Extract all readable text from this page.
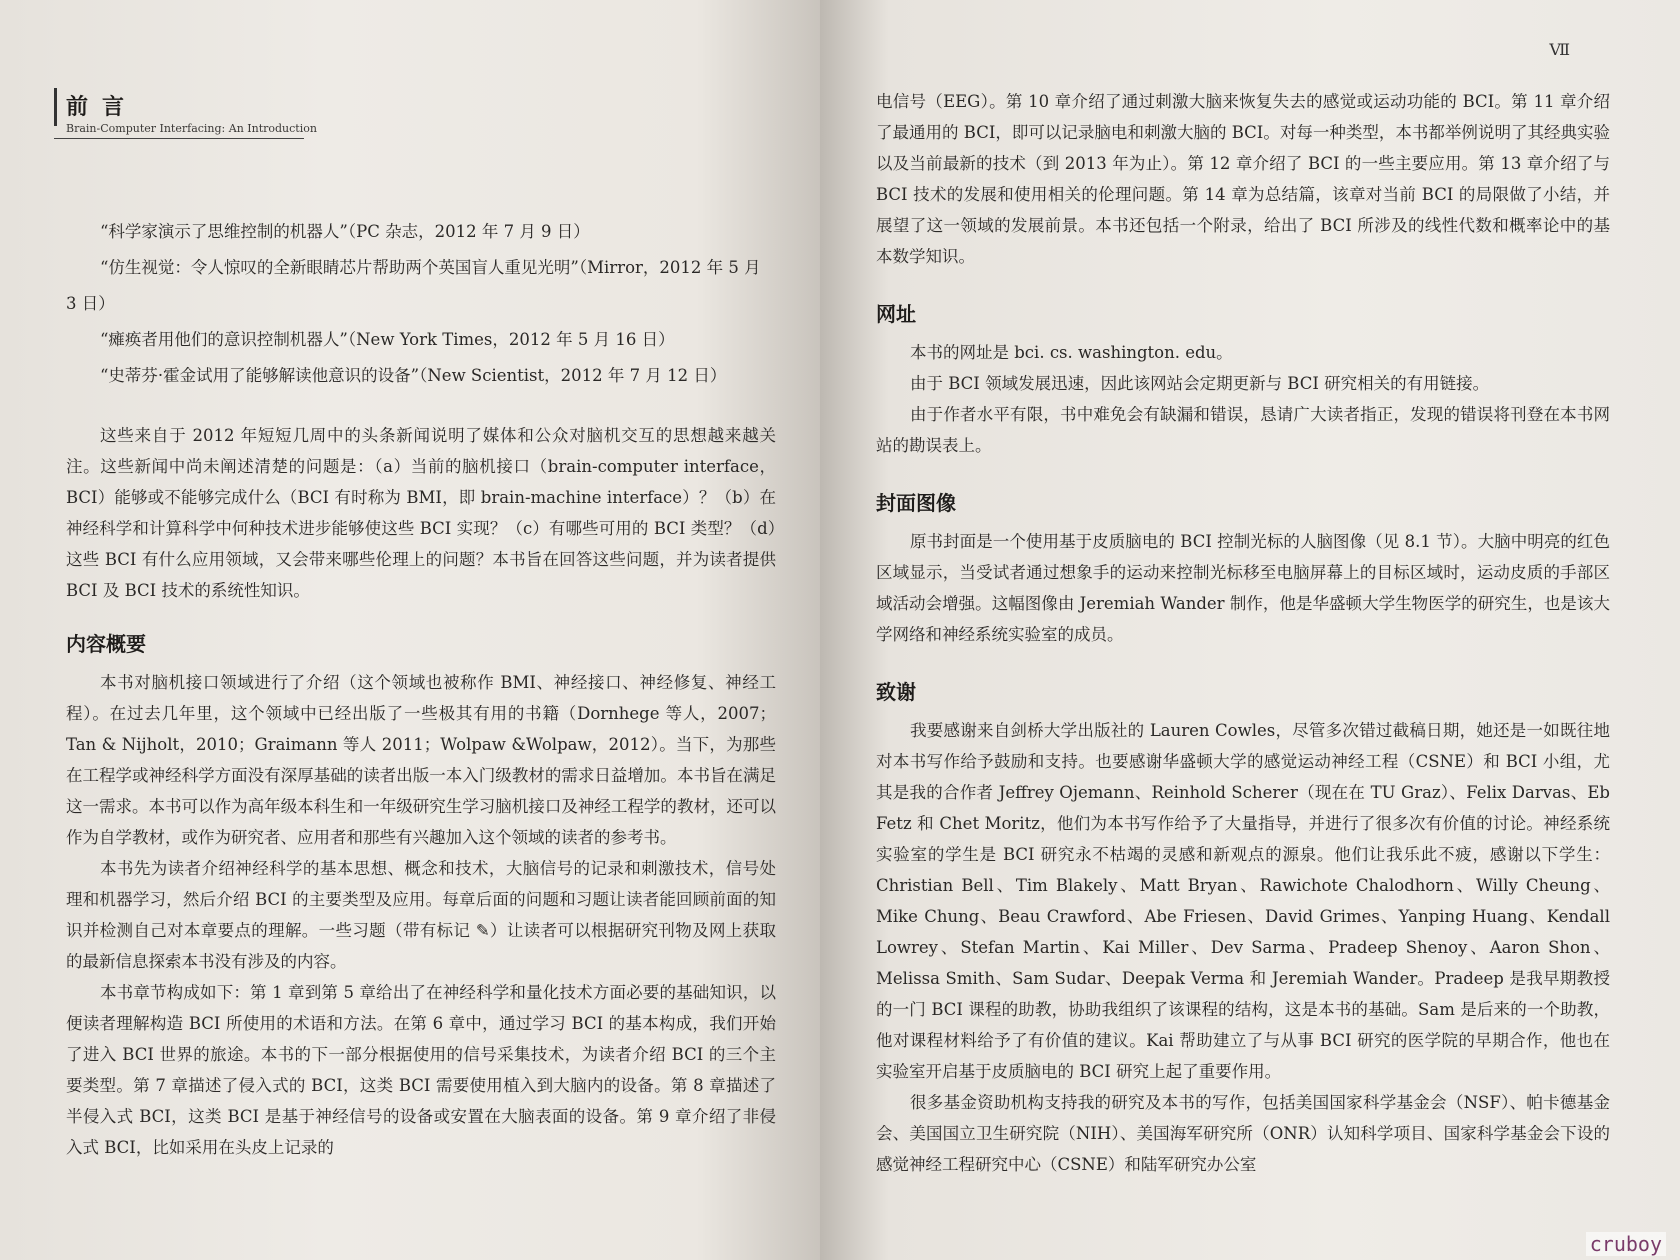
前言
Brain-Computer Interfacing: An Introduction

“科学家演示了思维控制的机器人”（PC 杂志，2012 年 7 月 9 日）

“仿生视觉：令人惊叹的全新眼睛芯片帮助两个英国盲人重见光明”（Mirror，2012 年 5 月 3 日）

“瘫痪者用他们的意识控制机器人”（New York Times，2012 年 5 月 16 日）

“史蒂芬·霍金试用了能够解读他意识的设备”（New Scientist，2012 年 7 月 12 日）

这些来自于 2012 年短短几周中的头条新闻说明了媒体和公众对脑机交互的思想越来越关注。这些新闻中尚未阐述清楚的问题是：（a）当前的脑机接口（brain-computer interface，BCI）能够或不能够完成什么（BCI 有时称为 BMI，即 brain-machine interface）？（b）在神经科学和计算科学中何种技术进步能够使这些 BCI 实现？（c）有哪些可用的 BCI 类型？（d）这些 BCI 有什么应用领域，又会带来哪些伦理上的问题？本书旨在回答这些问题，并为读者提供 BCI 及 BCI 技术的系统性知识。

内容概要

本书对脑机接口领域进行了介绍（这个领域也被称作 BMI、神经接口、神经修复、神经工程）。在过去几年里，这个领域中已经出版了一些极其有用的书籍（Dornhege 等人，2007；Tan & Nijholt，2010；Graimann 等人 2011；Wolpaw &Wolpaw，2012）。当下，为那些在工程学或神经科学方面没有深厚基础的读者出版一本入门级教材的需求日益增加。本书旨在满足这一需求。本书可以作为高年级本科生和一年级研究生学习脑机接口及神经工程学的教材，还可以作为自学教材，或作为研究者、应用者和那些有兴趣加入这个领域的读者的参考书。

本书先为读者介绍神经科学的基本思想、概念和技术，大脑信号的记录和刺激技术，信号处理和机器学习，然后介绍 BCI 的主要类型及应用。每章后面的问题和习题让读者能回顾前面的知识并检测自己对本章要点的理解。一些习题（带有标记 ✎）让读者可以根据研究刊物及网上获取的最新信息探索本书没有涉及的内容。

本书章节构成如下：第 1 章到第 5 章给出了在神经科学和量化技术方面必要的基础知识，以便读者理解构造 BCI 所使用的术语和方法。在第 6 章中，通过学习 BCI 的基本构成，我们开始了进入 BCI 世界的旅途。本书的下一部分根据使用的信号采集技术，为读者介绍 BCI 的三个主要类型。第 7 章描述了侵入式的 BCI，这类 BCI 需要使用植入到大脑内的设备。第 8 章描述了半侵入式 BCI，这类 BCI 是基于神经信号的设备或安置在大脑表面的设备。第 9 章介绍了非侵入式 BCI，比如采用在头皮上记录的

Ⅶ

电信号（EEG）。第 10 章介绍了通过刺激大脑来恢复失去的感觉或运动功能的 BCI。第 11 章介绍了最通用的 BCI，即可以记录脑电和刺激大脑的 BCI。对每一种类型，本书都举例说明了其经典实验以及当前最新的技术（到 2013 年为止）。第 12 章介绍了 BCI 的一些主要应用。第 13 章介绍了与 BCI 技术的发展和使用相关的伦理问题。第 14 章为总结篇，该章对当前 BCI 的局限做了小结，并展望了这一领域的发展前景。本书还包括一个附录，给出了 BCI 所涉及的线性代数和概率论中的基本数学知识。

网址

本书的网址是 bci. cs. washington. edu。

由于 BCI 领域发展迅速，因此该网站会定期更新与 BCI 研究相关的有用链接。

由于作者水平有限，书中难免会有缺漏和错误，恳请广大读者指正，发现的错误将刊登在本书网站的勘误表上。

封面图像

原书封面是一个使用基于皮质脑电的 BCI 控制光标的人脑图像（见 8.1 节）。大脑中明亮的红色区域显示，当受试者通过想象手的运动来控制光标移至电脑屏幕上的目标区域时，运动皮质的手部区域活动会增强。这幅图像由 Jeremiah Wander 制作，他是华盛顿大学生物医学的研究生，也是该大学网络和神经系统实验室的成员。

致谢

我要感谢来自剑桥大学出版社的 Lauren Cowles，尽管多次错过截稿日期，她还是一如既往地对本书写作给予鼓励和支持。也要感谢华盛顿大学的感觉运动神经工程（CSNE）和 BCI 小组，尤其是我的合作者 Jeffrey Ojemann、Reinhold Scherer（现在在 TU Graz）、Felix Darvas、Eb Fetz 和 Chet Moritz，他们为本书写作给予了大量指导，并进行了很多次有价值的讨论。神经系统实验室的学生是 BCI 研究永不枯竭的灵感和新观点的源泉。他们让我乐此不疲，感谢以下学生：Christian Bell、Tim Blakely、Matt Bryan、Rawichote Chalodhorn、Willy Cheung、Mike Chung、Beau Crawford、Abe Friesen、David Grimes、Yanping Huang、Kendall Lowrey、Stefan Martin、Kai Miller、Dev Sarma、Pradeep Shenoy、Aaron Shon、Melissa Smith、Sam Sudar、Deepak Verma 和 Jeremiah Wander。Pradeep 是我早期教授的一门 BCI 课程的助教，协助我组织了该课程的结构，这是本书的基础。Sam 是后来的一个助教，他对课程材料给予了有价值的建议。Kai 帮助建立了与从事 BCI 研究的医学院的早期合作，他也在实验室开启基于皮质脑电的 BCI 研究上起了重要作用。

很多基金资助机构支持我的研究及本书的写作，包括美国国家科学基金会（NSF）、帕卡德基金会、美国国立卫生研究院（NIH）、美国海军研究所（ONR）认知科学项目、国家科学基金会下设的感觉神经工程研究中心（CSNE）和陆军研究办公室

cruboy
